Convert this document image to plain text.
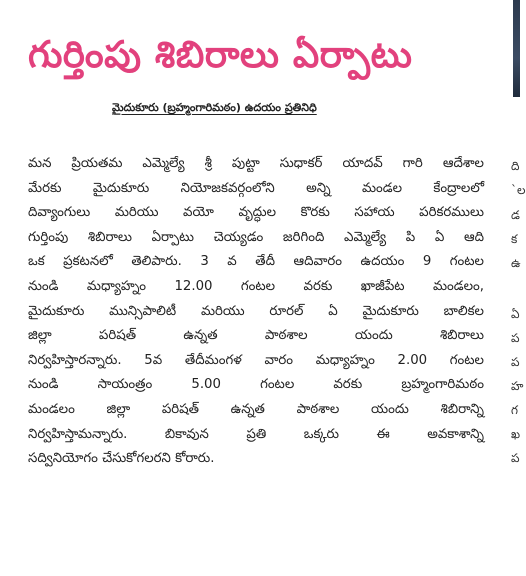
గుర్తింపు శిబిరాలు ఏర్పాటు
మైదుకూరు (బ్రహ్మంగారిమఠం) ఉదయం ప్రతినిధి
మన ప్రియతమ ఎమ్మెల్యే శ్రీ పుట్టా సుధాకర్ యాదవ్ గారి ఆదేశాల
మేరకు మైదుకూరు నియోజకవర్గంలోని అన్ని మండల కేంద్రాలలో
దివ్యాంగులు మరియు వయో వృద్ధుల కొరకు సహాయ పరికరములు
గుర్తింపు శిబిరాలు ఏర్పాటు చెయ్యడం జరిగింది ఎమ్మెల్యే పి ఏ ఆది
ఒక ప్రకటనలో తెలిపారు. 3 వ తేదీ ఆదివారం ఉదయం 9 గంటల
నుండి మధ్యాహ్నం 12.00 గంటల వరకు ఖాజీపేట మండలం,
మైదుకూరు మున్సిపాలిటీ మరియు రూరల్ ఏ మైదుకూరు బాలికల
జిల్లా పరిషత్ ఉన్నత పాఠశాల యందు శిబిరాలు
నిర్వహిస్తారన్నారు. 5వ తేదీమంగళ వారం మధ్యాహ్నం 2.00 గంటల
నుండి సాయంత్రం 5.00 గంటల వరకు బ్రహ్మంగారిమఠం
మండలం జిల్లా పరిషత్ ఉన్నత పాఠశాల యందు శిబిరాన్ని
నిర్వహిస్తామన్నారు. బికావున ప్రతి ఒక్కరు ఈ అవకాశాన్ని
సద్వినియోగం చేసుకోగలరని కోరారు.
ది
`ల
డ
క
ఉ
ఏ
ప
ప
హ
గ
ఖ
ప
